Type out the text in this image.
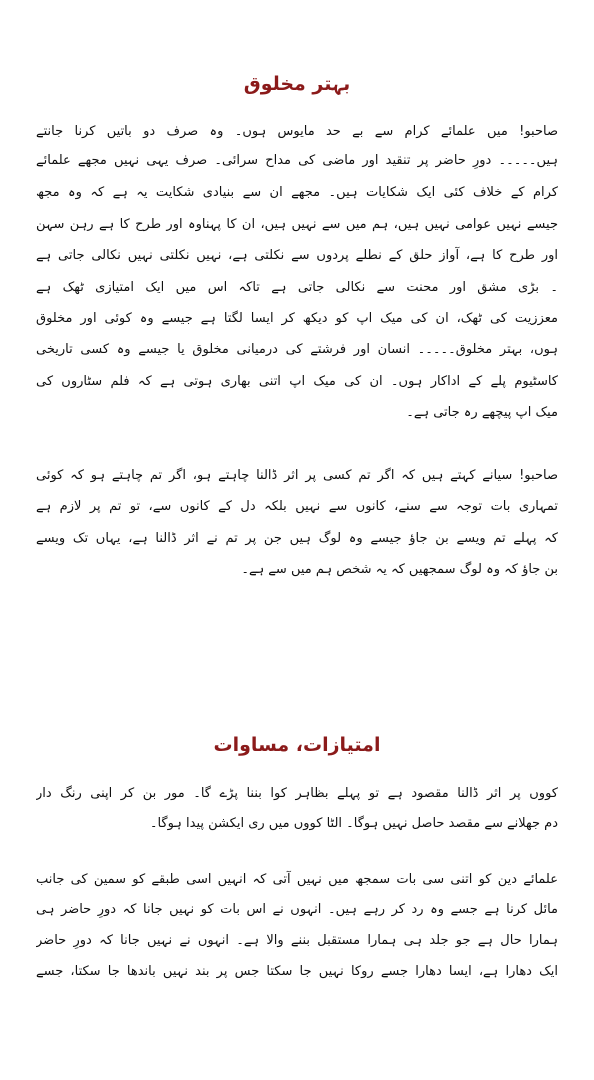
بہتر مخلوق
صاحبو! میں علمائے کرام سے بے حد مایوس ہوں۔ وہ صرف دو باتیں کرنا جانتے
ہیں۔۔۔۔۔ دورِ حاضر پر تنقید اور ماضی کی مداح سرائی۔ صرف یہی نہیں مجھے علمائے
کرام کے خلاف کئی ایک شکایات ہیں۔ مجھے ان سے بنیادی شکایت یہ ہے کہ وہ مجھ
جیسے نہیں عوامی نہیں ہیں، ہم میں سے نہیں ہیں، ان کا پہناوہ اور طرح کا ہے رہن سہن
اور طرح کا ہے، آواز حلق کے نطلے پردوں سے نکلتی ہے، نہیں نکلتی نہیں نکالی جاتی ہے
۔ بڑی مشق اور محنت سے نکالی جاتی ہے تاکہ اس میں ایک امتیازی ٹھک ہے
معززیت کی ٹھک، ان کی میک اپ کو دیکھ کر ایسا لگتا ہے جیسے وہ کوئی اور مخلوق
ہوں، بہتر مخلوق۔۔۔۔۔ انسان اور فرشتے کی درمیانی مخلوق یا جیسے وہ کسی تاریخی
کاسٹیوم پلے کے اداکار ہوں۔ ان کی میک اپ اتنی بھاری ہوتی ہے کہ فلم سٹاروں کی
میک اپ پیچھے رہ جاتی ہے۔
صاحبو! سیانے کہتے ہیں کہ اگر تم کسی پر اثر ڈالنا چاہتے ہو، اگر تم چاہتے ہو کہ کوئی
تمہاری بات توجہ سے سنے، کانوں سے نہیں بلکہ دل کے کانوں سے، تو تم پر لازم ہے
کہ پہلے تم ویسے بن جاؤ جیسے وہ لوگ ہیں جن پر تم نے اثر ڈالنا ہے، یہاں تک ویسے
بن جاؤ کہ وہ لوگ سمجھیں کہ یہ شخص ہم میں سے ہے۔
امتیازات، مساوات
کووں پر اثر ڈالنا مقصود ہے تو پہلے بظاہر کوا بننا پڑے گا۔ مور بن کر اپنی رنگ دار
دم جھلانے سے مقصد حاصل نہیں ہوگا۔ الٹا کووں میں ری ایکشن پیدا ہوگا۔
علمائے دین کو اتنی سی بات سمجھ میں نہیں آتی کہ انہیں اسی طبقے کو سمین کی جانب
مائل کرنا ہے جسے وہ رد کر رہے ہیں۔ انہوں نے اس بات کو نہیں جانا کہ دورِ حاضر ہی
ہمارا حال ہے جو جلد ہی ہمارا مستقبل بننے والا ہے۔ انہوں نے نہیں جانا کہ دورِ حاضر
ایک دھارا ہے، ایسا دھارا جسے روکا نہیں جا سکتا جس پر بند نہیں باندھا جا سکتا، جسے
